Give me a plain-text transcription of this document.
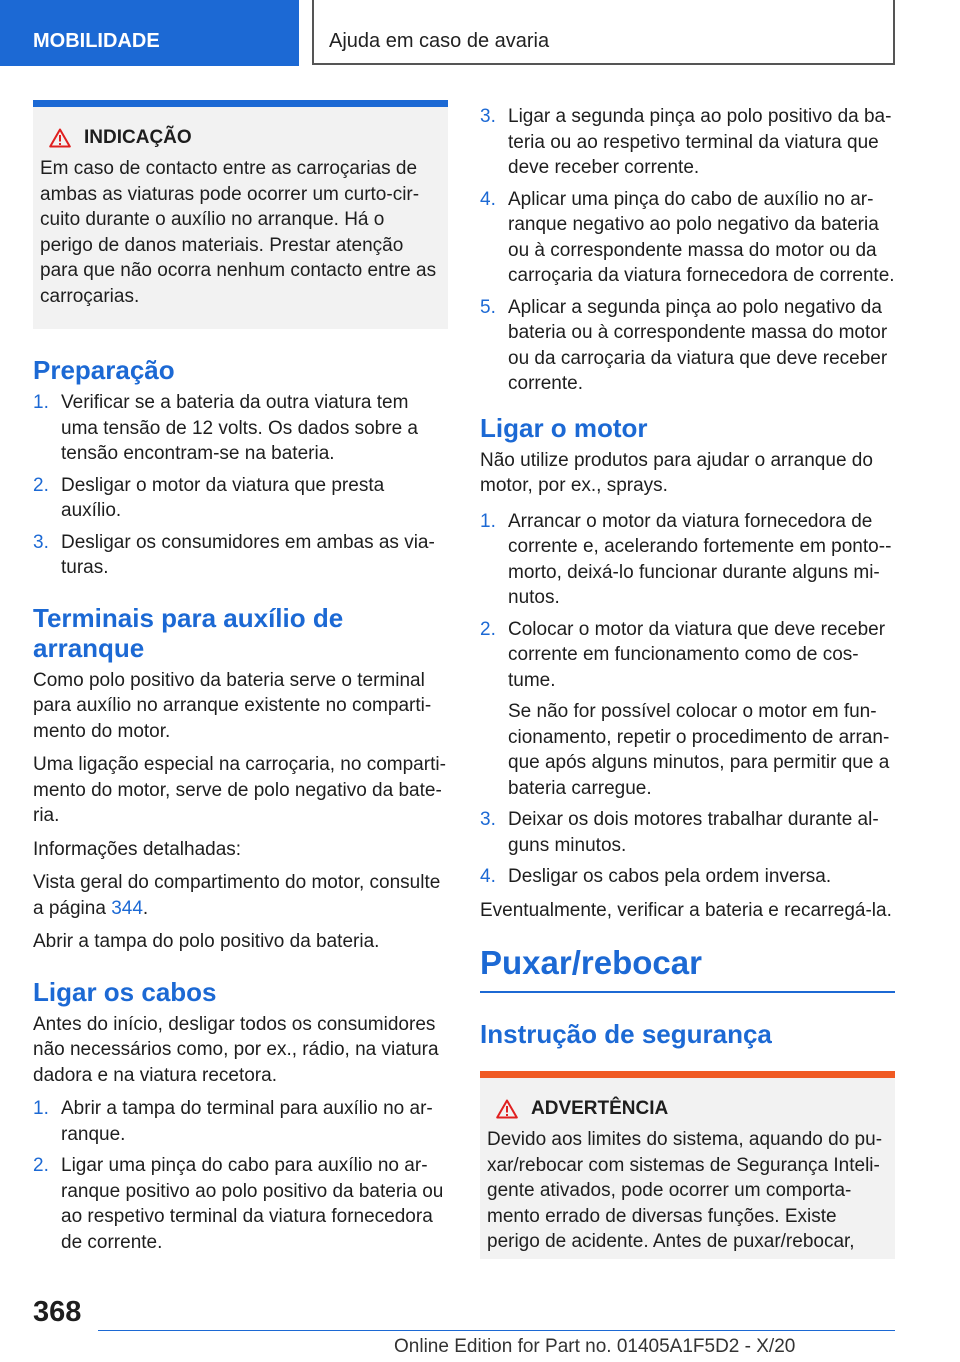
MOBILIDADE	Ajuda em caso de avaria
INDICAÇÃO

Em caso de contacto entre as carroçarias de ambas as viaturas pode ocorrer um curto-circuito durante o auxílio no arranque. Há o perigo de danos materiais. Prestar atenção para que não ocorra nenhum contacto entre as carroçarias.

Preparação
1. Verificar se a bateria da outra viatura tem uma tensão de 12 volts. Os dados sobre a tensão encontram-se na bateria.
2. Desligar o motor da viatura que presta auxílio.
3. Desligar os consumidores em ambas as viaturas.
Terminais para auxílio de arranque

Como polo positivo da bateria serve o terminal para auxílio no arranque existente no compartimento do motor.

Uma ligação especial na carroçaria, no compartimento do motor, serve de polo negativo da bateria.

Informações detalhadas:

Vista geral do compartimento do motor, consulte a página 344.

Abrir a tampa do polo positivo da bateria.

Ligar os cabos

Antes do início, desligar todos os consumidores não necessários como, por ex., rádio, na viatura dadora e na viatura recetora.

1. Abrir a tampa do terminal para auxílio no arranque.
2. Ligar uma pinça do cabo para auxílio no arranque positivo ao polo positivo da bateria ou ao respetivo terminal da viatura fornecedora de corrente.
3. Ligar a segunda pinça ao polo positivo da bateria ou ao respetivo terminal da viatura que deve receber corrente.
4. Aplicar uma pinça do cabo de auxílio no arranque negativo ao polo negativo da bateria ou à correspondente massa do motor ou da carroçaria da viatura fornecedora de corrente.
5. Aplicar a segunda pinça ao polo negativo da bateria ou à correspondente massa do motor ou da carroçaria da viatura que deve receber corrente.
Ligar o motor

Não utilize produtos para ajudar o arranque do motor, por ex., sprays.

1. Arrancar o motor da viatura fornecedora de corrente e, acelerando fortemente em ponto-morto, deixá-lo funcionar durante alguns minutos.
2. Colocar o motor da viatura que deve receber corrente em funcionamento como de costume.

Se não for possível colocar o motor em funcionamento, repetir o procedimento de arranque após alguns minutos, para permitir que a bateria carregue.

3. Deixar os dois motores trabalhar durante alguns minutos.
4. Desligar os cabos pela ordem inversa.

Eventualmente, verificar a bateria e recarregá-la.

Puxar/rebocar
Instrução de segurança
ADVERTÊNCIA

Devido aos limites do sistema, aquando do puxar/rebocar com sistemas de Segurança Inteligente ativados, pode ocorrer um comportamento errado de diversas funções. Existe perigo de acidente. Antes de puxar/rebocar,

368
Online Edition for Part no. 01405A1F5D2 - X/20
